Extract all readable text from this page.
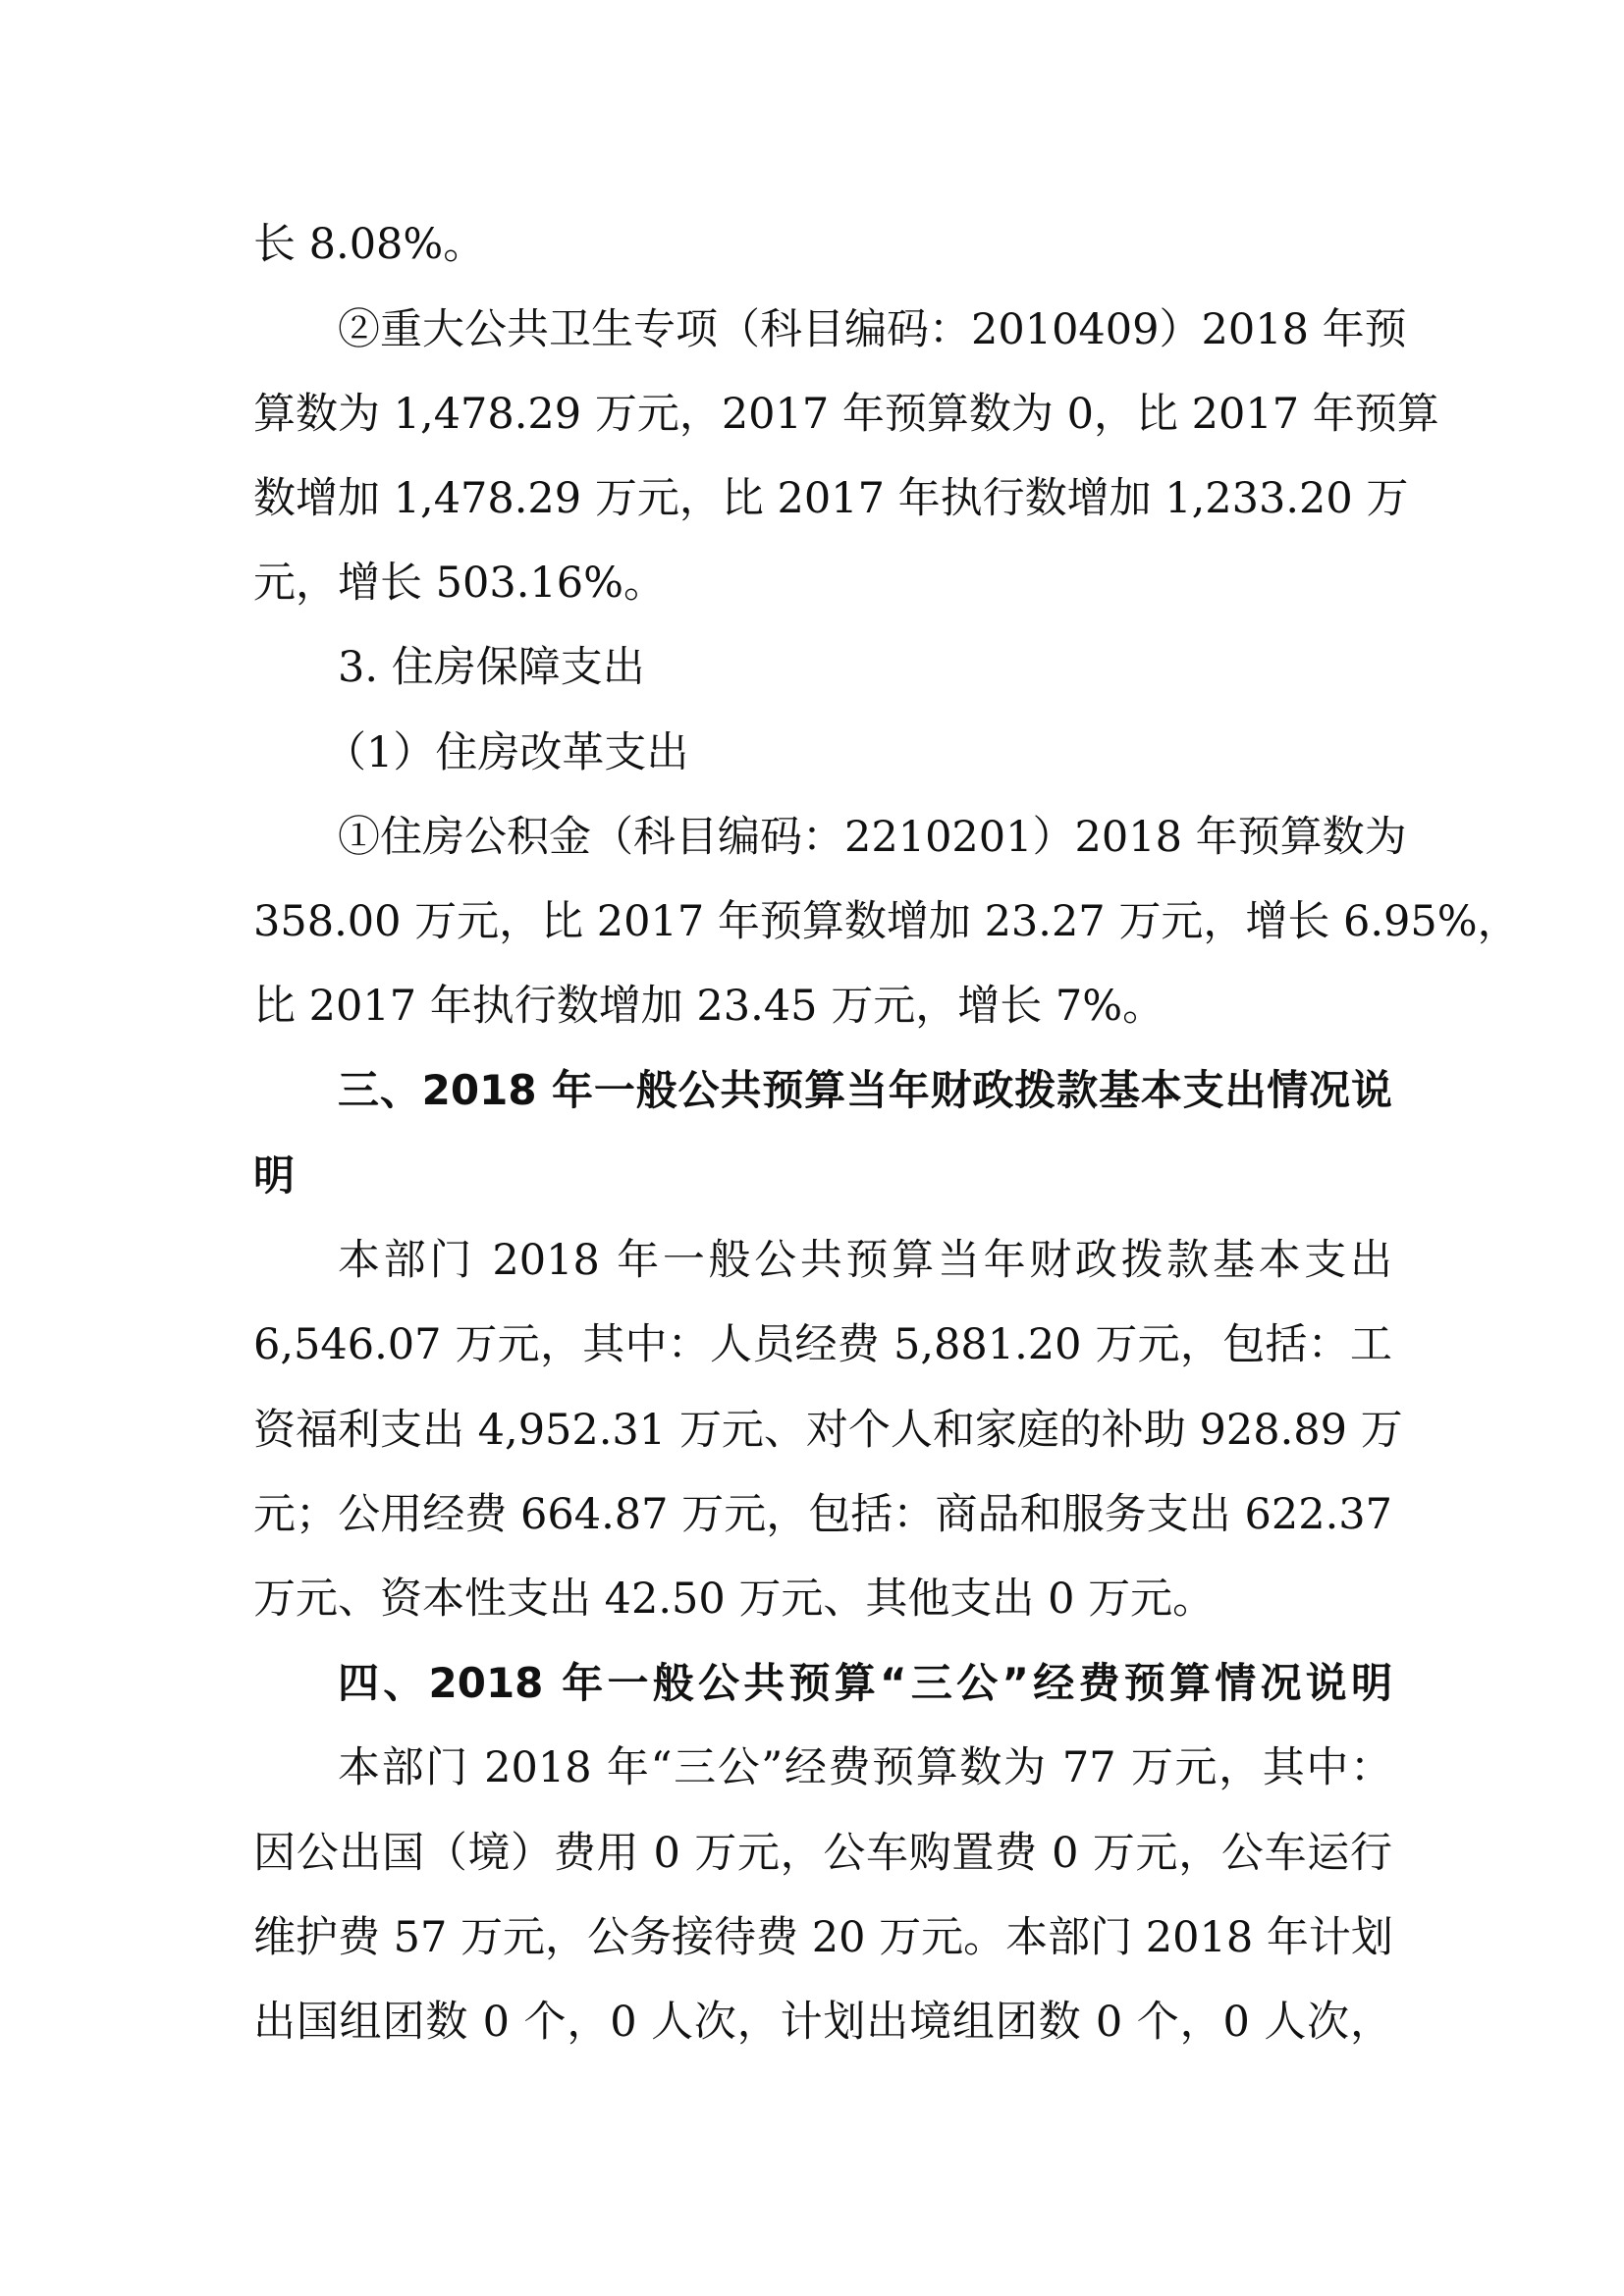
长 8.08%。
②重大公共卫生专项（科目编码：2010409）2018 年预
算数为 1,478.29 万元，2017 年预算数为 0，比 2017 年预算
数增加 1,478.29 万元，比 2017 年执行数增加 1,233.20 万
元，增长 503.16%。
3. 住房保障支出
（1）住房改革支出
①住房公积金（科目编码：2210201）2018 年预算数为
358.00 万元，比 2017 年预算数增加 23.27 万元，增长 6.95%，
比 2017 年执行数增加 23.45 万元，增长 7%。
三、2018 年一般公共预算当年财政拨款基本支出情况说
明
本部门 2018 年一般公共预算当年财政拨款基本支出
6,546.07 万元，其中：人员经费 5,881.20 万元，包括：工
资福利支出 4,952.31 万元、对个人和家庭的补助 928.89 万
元；公用经费 664.87 万元，包括：商品和服务支出 622.37
万元、资本性支出 42.50 万元、其他支出 0 万元。
四、2018 年一般公共预算“三公”经费预算情况说明
本部门 2018 年“三公”经费预算数为 77 万元，其中：
因公出国（境）费用 0 万元，公车购置费 0 万元，公车运行
维护费 57 万元，公务接待费 20 万元。本部门 2018 年计划
出国组团数 0 个，0 人次，计划出境组团数 0 个，0 人次，
